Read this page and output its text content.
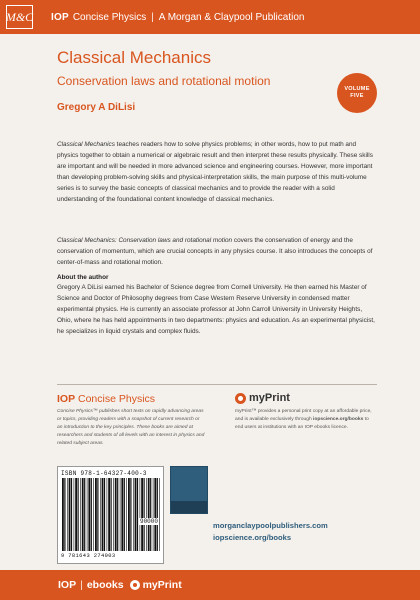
M&C IOP Concise Physics | A Morgan & Claypool Publication
Classical Mechanics
Conservation laws and rotational motion
Gregory A DiLisi
VOLUME
FIVE

Classical Mechanics teaches readers how to solve physics problems; in other words, how to put math and physics together to obtain a numerical or algebraic result and then interpret these results physically. These skills are important and will be needed in more advanced science and engineering courses. However, more important than developing problem-solving skills and physical-interpretation skills, the main purpose of this multi-volume series is to survey the basic concepts of classical mechanics and to provide the reader with a solid understanding of the foundational content knowledge of classical mechanics.

Classical Mechanics: Conservation laws and rotational motion covers the conservation of energy and the conservation of momentum, which are crucial concepts in any physics course. It also introduces the concepts of center-of-mass and rotational motion.

About the author

Gregory A DiLisi earned his Bachelor of Science degree from Cornell University. He then earned his Master of Science and Doctor of Philosophy degrees from Case Western Reserve University in condensed matter experimental physics. He is currently an associate professor at John Carroll University in University Heights, Ohio, where he has held appointments in two departments: physics and education. As an experimental physicist, he specializes in liquid crystals and complex fluids.

IOP Concise Physics

Concise Physics™ publishes short texts on rapidly advancing areas or topics, providing readers with a snapshot of current research or an introduction to the key principles. These books are aimed at researchers and students of all levels with an interest in physics and related subject areas.

myPrint

myPrint™ provides a personal print copy at an affordable price, and is available exclusively through iopscience.org/books to end users at institutions with an IOP ebooks licence.

ISBN 978-1-64327-400-3
90000
9 781643 274003
morganclaypoolpublishers.com
iopscience.org/books
IOP | ebooks myPrint
